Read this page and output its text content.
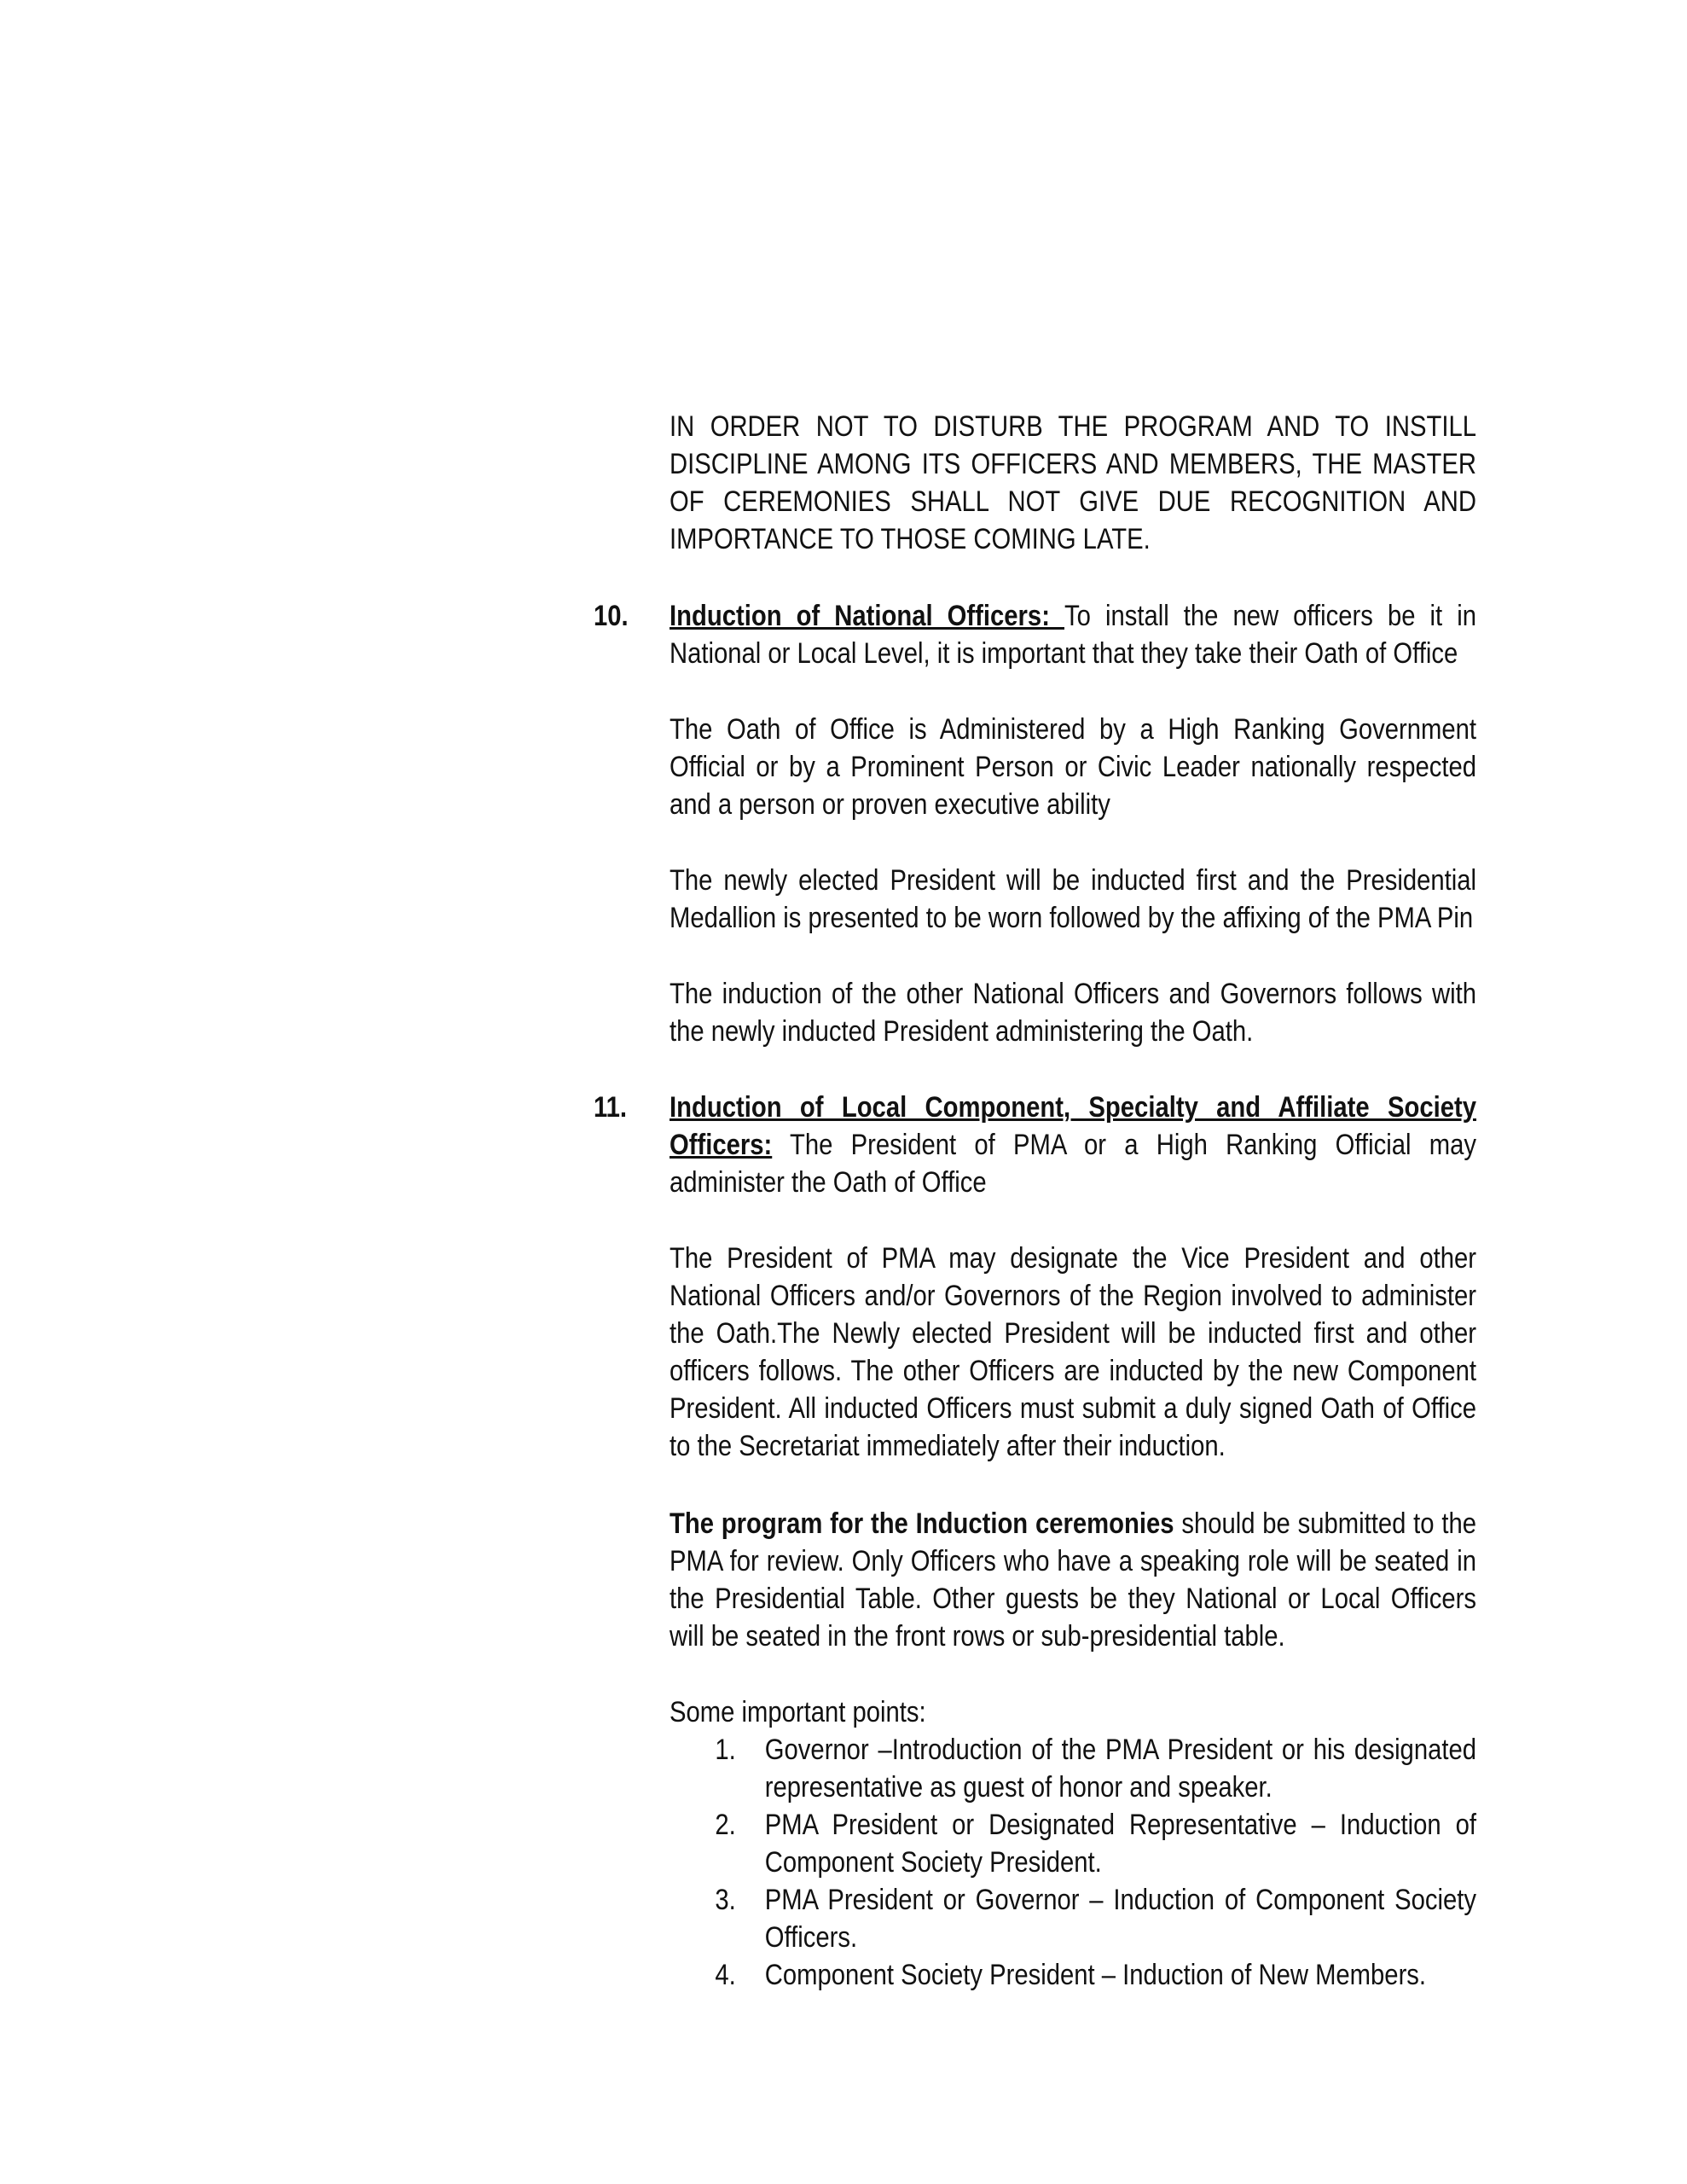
IN ORDER NOT TO DISTURB THE PROGRAM AND TO INSTILL DISCIPLINE AMONG ITS OFFICERS AND MEMBERS, THE MASTER OF CEREMONIES SHALL NOT GIVE DUE RECOGNITION AND IMPORTANCE TO THOSE COMING LATE.

10. Induction of National Officers: To install the new officers be it in National or Local Level, it is important that they take their Oath of Office

The Oath of Office is Administered by a High Ranking Government Official or by a Prominent Person or Civic Leader nationally respected and a person or proven executive ability

The newly elected President will be inducted first and the Presidential Medallion is presented to be worn followed by the affixing of the PMA Pin

The induction of the other National Officers and Governors follows with the newly inducted President administering the Oath.

11. Induction of Local Component, Specialty and Affiliate Society Officers: The President of PMA or a High Ranking Official may administer the Oath of Office

The President of PMA may designate the Vice President and other National Officers and/or Governors of the Region involved to administer the Oath.The Newly elected President will be inducted first and other officers follows. The other Officers are inducted by the new Component President. All inducted Officers must submit a duly signed Oath of Office to the Secretariat immediately after their induction.

The program for the Induction ceremonies should be submitted to the PMA for review. Only Officers who have a speaking role will be seated in the Presidential Table. Other guests be they National or Local Officers will be seated in the front rows or sub-presidential table.

Some important points:

1. Governor –Introduction of the PMA President or his designated representative as guest of honor and speaker.
2. PMA President or Designated Representative – Induction of Component Society President.
3. PMA President or Governor – Induction of Component Society Officers.
4. Component Society President – Induction of New Members.
